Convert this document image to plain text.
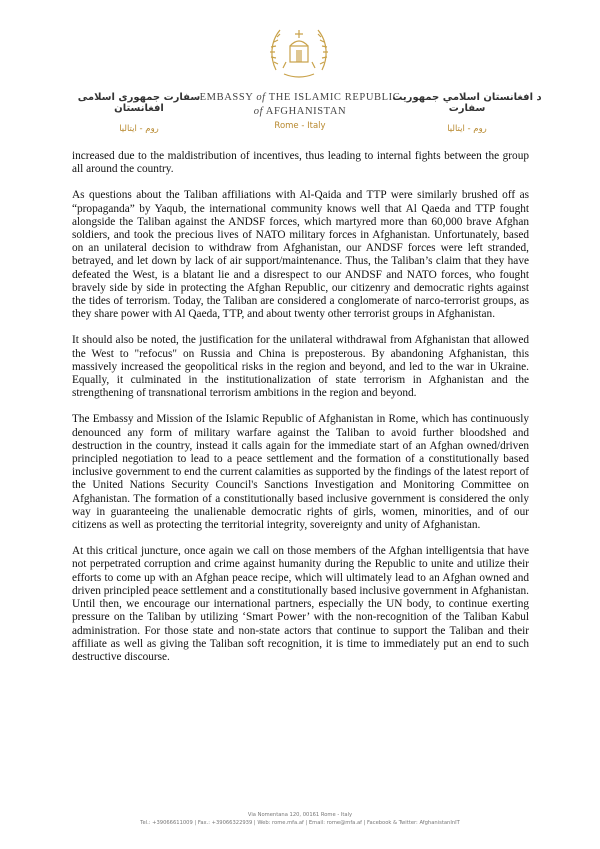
سفارت جمهوری اسلامی افغانستان
روم - ایتالیا
EMBASSY of THE ISLAMIC REPUBLIC
of AFGHANISTAN
Rome - Italy
د افغانستان اسلامي جمهوریت سفارت
روم - ایتالیا

increased due to the maldistribution of incentives, thus leading to internal fights between the group all around the country.

As questions about the Taliban affiliations with Al-Qaida and TTP were similarly brushed off as “propaganda” by Yaqub, the international community knows well that Al Qaeda and TTP fought alongside the Taliban against the ANDSF forces, which martyred more than 60,000 brave Afghan soldiers, and took the precious lives of NATO military forces in Afghanistan. Unfortunately, based on an unilateral decision to withdraw from Afghanistan, our ANDSF forces were left stranded, betrayed, and let down by lack of air support/maintenance. Thus, the Taliban’s claim that they have defeated the West, is a blatant lie and a disrespect to our ANDSF and NATO forces, who fought bravely side by side in protecting the Afghan Republic, our citizenry and democratic rights against the tides of terrorism. Today, the Taliban are considered a conglomerate of narco-terrorist groups, as they share power with Al Qaeda, TTP, and about twenty other terrorist groups in Afghanistan.

It should also be noted, the justification for the unilateral withdrawal from Afghanistan that allowed the West to "refocus" on Russia and China is preposterous. By abandoning Afghanistan, this massively increased the geopolitical risks in the region and beyond, and led to the war in Ukraine. Equally, it culminated in the institutionalization of state terrorism in Afghanistan and the strengthening of transnational terrorism ambitions in the region and beyond.

The Embassy and Mission of the Islamic Republic of Afghanistan in Rome, which has continuously denounced any form of military warfare against the Taliban to avoid further bloodshed and destruction in the country, instead it calls again for the immediate start of an Afghan owned/driven principled negotiation to lead to a peace settlement and the formation of a constitutionally based inclusive government to end the current calamities as supported by the findings of the latest report of the United Nations Security Council's Sanctions Investigation and Monitoring Committee on Afghanistan. The formation of a constitutionally based inclusive government is considered the only way in guaranteeing the unalienable democratic rights of girls, women, minorities, and of our citizens as well as protecting the territorial integrity, sovereignty and unity of Afghanistan.

At this critical juncture, once again we call on those members of the Afghan intelligentsia that have not perpetrated corruption and crime against humanity during the Republic to unite and utilize their efforts to come up with an Afghan peace recipe, which will ultimately lead to an Afghan owned and driven principled peace settlement and a constitutionally based inclusive government in Afghanistan. Until then, we encourage our international partners, especially the UN body, to continue exerting pressure on the Taliban by utilizing ‘Smart Power’ with the non-recognition of the Taliban Kabul administration. For those state and non-state actors that continue to support the Taliban and their affiliate as well as giving the Taliban soft recognition, it is time to immediately put an end to such destructive discourse.

Via Nomentana 120, 00161 Rome - Italy
Tel.: +39066611009 | Fax.: +39066322939 | Web: rome.mfa.af | Email: rome@mfa.af | Facebook & Twitter: AfghanistanInIT
